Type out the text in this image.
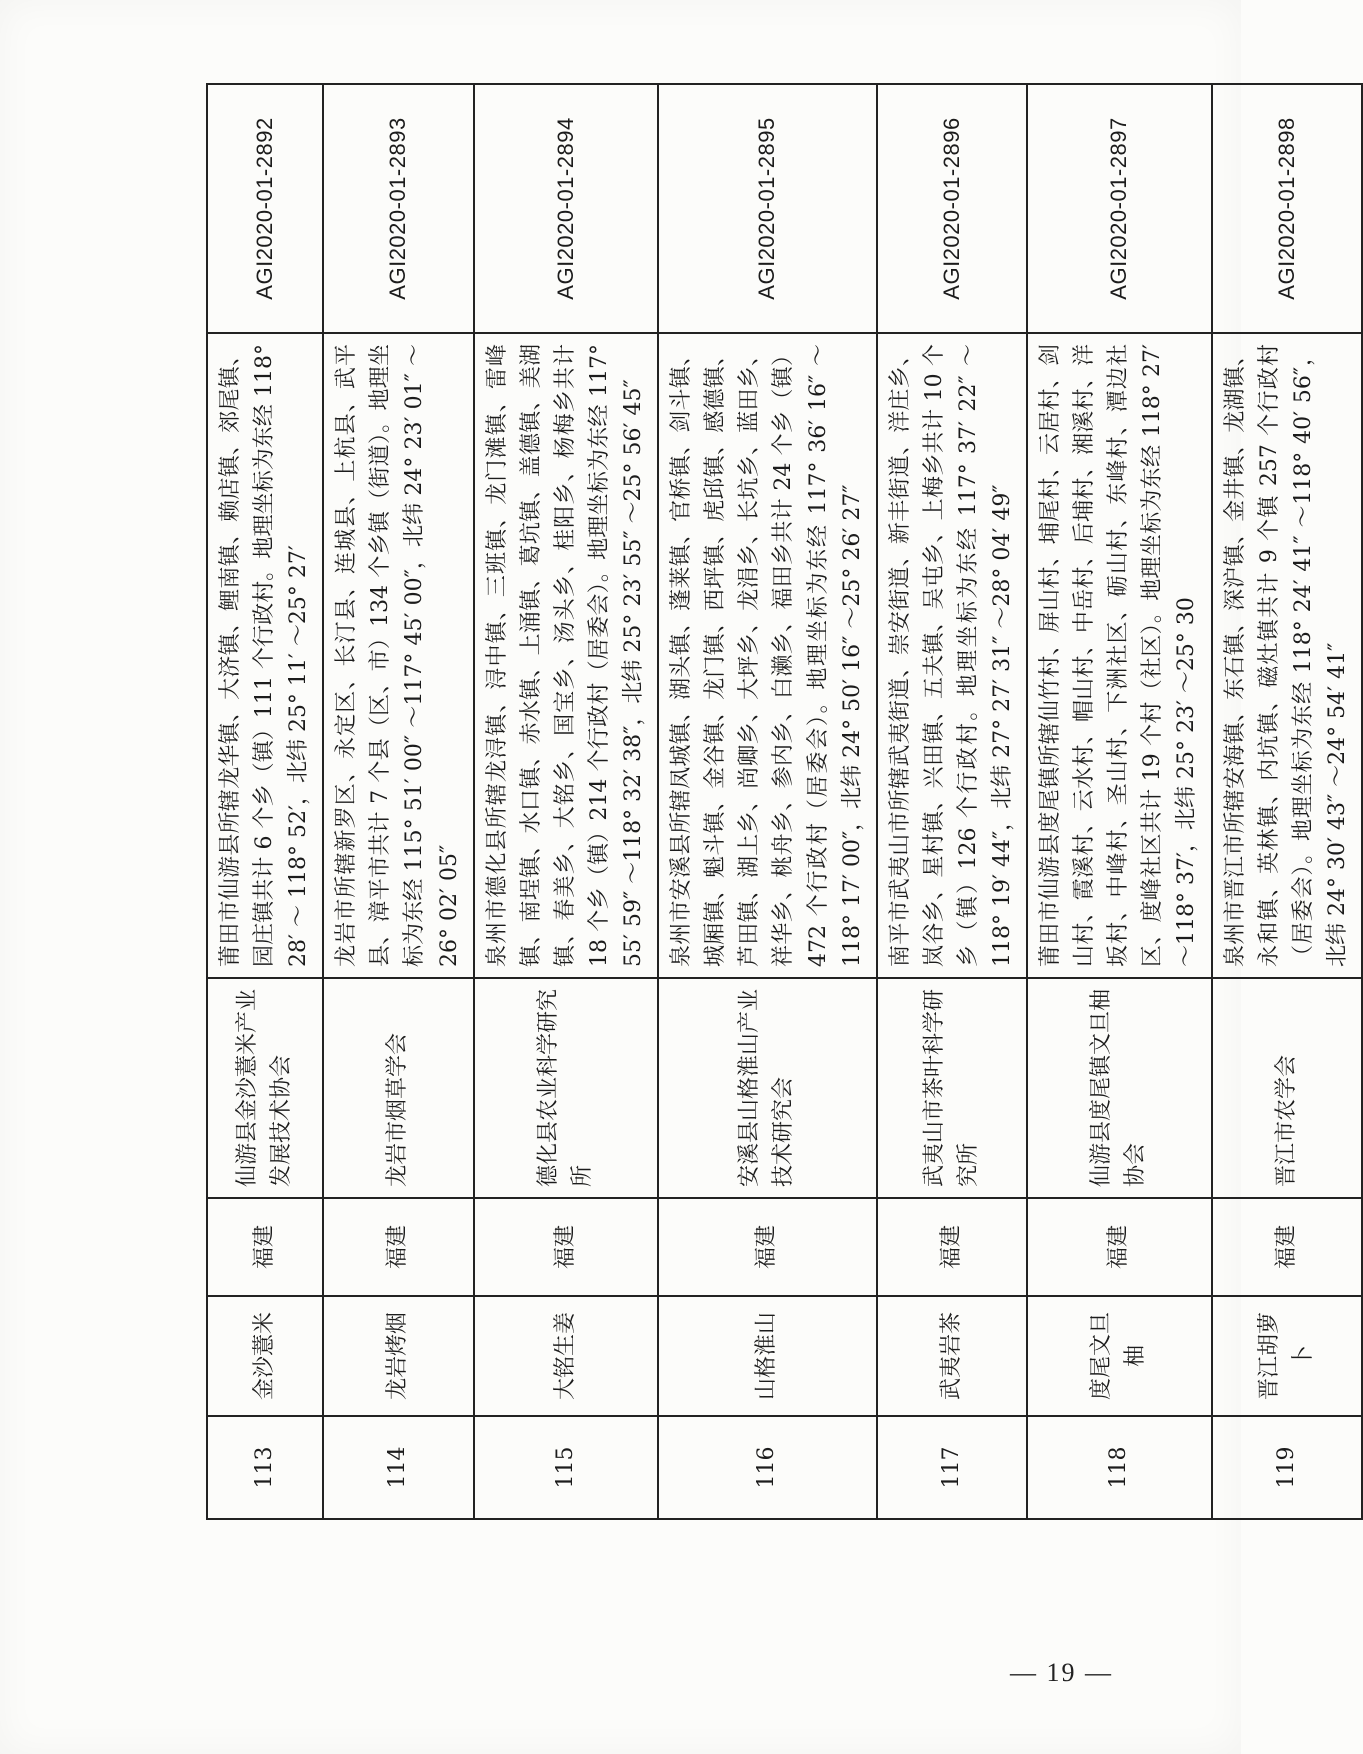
113	金沙薏米	福建	仙游县金沙薏米产业发展技术协会	莆田市仙游县所辖龙华镇、大济镇、鲤南镇、赖店镇、郊尾镇、园庄镇共计 6 个乡（镇）111 个行政村。地理坐标为东经 118° 28′ ～ 118° 52′，北纬 25° 11′ ～25° 27′	AGI2020-01-2892
114	龙岩烤烟	福建	龙岩市烟草学会	龙岩市所辖新罗区、永定区、长汀县、连城县、上杭县、武平县、漳平市共计 7 个县（区、市）134 个乡镇（街道）。地理坐标为东经 115° 51′ 00″ ～117° 45′ 00″，北纬 24° 23′ 01″ ～26° 02′ 05″	AGI2020-01-2893
115	大铭生姜	福建	德化县农业科学研究所	泉州市德化县所辖龙浔镇、浔中镇、三班镇、龙门滩镇、雷峰镇、南埕镇、水口镇、赤水镇、上涌镇、葛坑镇、盖德镇、美湖镇、春美乡、大铭乡、国宝乡、汤头乡、桂阳乡、杨梅乡共计 18 个乡（镇）214 个行政村（居委会）。地理坐标为东经 117° 55′ 59″ ～118° 32′ 38″，北纬 25° 23′ 55″ ～25° 56′ 45″	AGI2020-01-2894
116	山格淮山	福建	安溪县山格淮山产业技术研究会	泉州市安溪县所辖凤城镇、湖头镇、蓬莱镇、官桥镇、剑斗镇、城厢镇、魁斗镇、金谷镇、龙门镇、西坪镇、虎邱镇、感德镇、芦田镇、湖上乡、尚卿乡、大坪乡、龙涓乡、长坑乡、蓝田乡、祥华乡、桃舟乡、参内乡、白濑乡、福田乡共计 24 个乡（镇）472 个行政村（居委会）。地理坐标为东经 117° 36′ 16″ ～118° 17′ 00″，北纬 24° 50′ 16″ ～25° 26′ 27″	AGI2020-01-2895
117	武夷岩茶	福建	武夷山市茶叶科学研究所	南平市武夷山市所辖武夷街道、崇安街道、新丰街道、洋庄乡、岚谷乡、星村镇、兴田镇、五夫镇、吴屯乡、上梅乡共计 10 个乡（镇）126 个行政村。地理坐标为东经 117° 37′ 22″ ～118° 19′ 44″，北纬 27° 27′ 31″ ～28° 04′ 49″	AGI2020-01-2896
118	度尾文旦柚	福建	仙游县度尾镇文旦柚协会	莆田市仙游县度尾镇所辖仙竹村、屏山村、埔尾村、云居村、剑山村、霞溪村、云水村、帽山村、中岳村、后埔村、湘溪村、洋坂村、中峰村、圣山村、下洲社区、砺山村、东峰村、潭边社区、度峰社区共计 19 个村（社区）。地理坐标为东经 118° 27′ ～118° 37′，北纬 25° 23′ ～25° 30	AGI2020-01-2897
119	晋江胡萝卜	福建	晋江市农学会	泉州市晋江市所辖安海镇、东石镇、深沪镇、金井镇、龙湖镇、永和镇、英林镇、内坑镇、磁灶镇共计 9 个镇 257 个行政村（居委会）。地理坐标为东经 118° 24′ 41″ ～118° 40′ 56″，北纬 24° 30′ 43″ ～24° 54′ 41″	AGI2020-01-2898
— 19 —
